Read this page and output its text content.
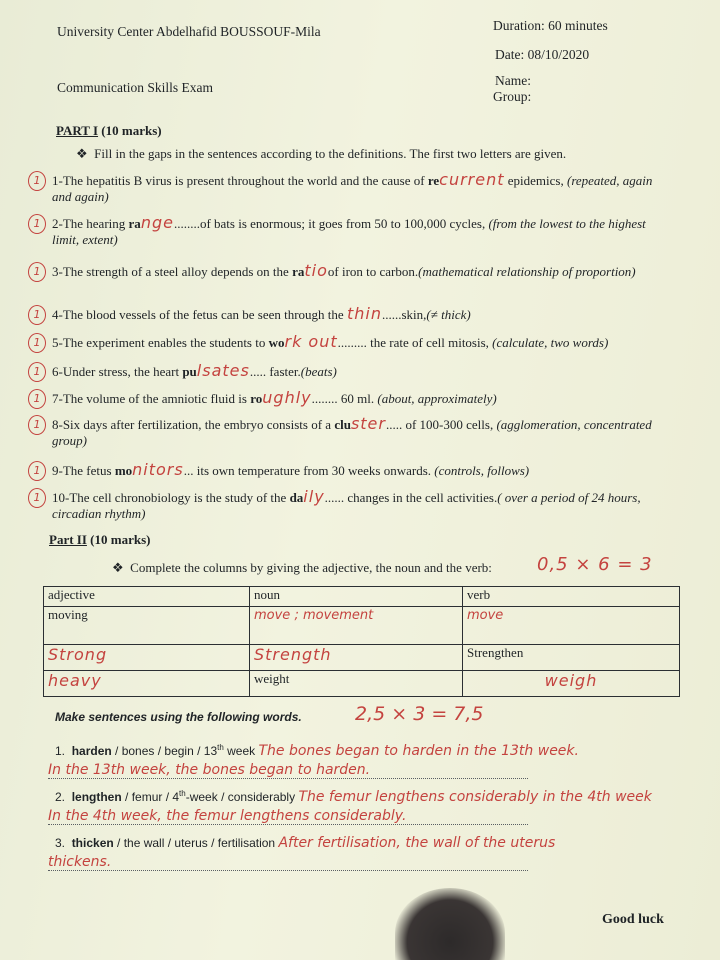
University Center Abdelhafid BOUSSOUF-Mila
Communication Skills Exam
Duration: 60 minutes
Date: 08/10/2020
Name:
Group:
PART I (10 marks)
❖ Fill in the gaps in the sentences according to the definitions. The first two letters are given.
1 1-The hepatitis B virus is present throughout the world and the cause of recurrent epidemics, (repeated, again and again)
1 2-The hearing range........of bats is enormous; it goes from 50 to 100,000 cycles, (from the lowest to the highest limit, extent)
1 3-The strength of a steel alloy depends on the ratioof iron to carbon.(mathematical relationship of proportion)
1 4-The blood vessels of the fetus can be seen through the thin......skin,(≠ thick)
1 5-The experiment enables the students to work out......... the rate of cell mitosis, (calculate, two words)
1 6-Under stress, the heart pulsates..... faster.(beats)
1 7-The volume of the amniotic fluid is roughly........ 60 ml. (about, approximately)
1 8-Six days after fertilization, the embryo consists of a cluster..... of 100-300 cells, (agglomeration, concentrated group)
1 9-The fetus monitors... its own temperature from 30 weeks onwards. (controls, follows)
1 10-The cell chronobiology is the study of the daily...... changes in the cell activities.( over a period of 24 hours, circadian rhythm)
Part II (10 marks)
❖ Complete the columns by giving the adjective, the noun and the verb:	0,5 × 6 = 3
adjective	noun	verb
moving	move ; movement	move
Strong	Strength	Strengthen
heavy	weight	weigh
Make sentences using the following words.	2,5 × 3 = 7,5
1. harden / bones / begin / 13th week The bones began to harden in the 13th week.
In the 13th week, the bones began to harden.
2. lengthen / femur / 4th-week / considerably The femur lengthens considerably in the 4th week
In the 4th week, the femur lengthens considerably.
3. thicken / the wall / uterus / fertilisation After fertilisation, the wall of the uterus
thickens.
Good luck
